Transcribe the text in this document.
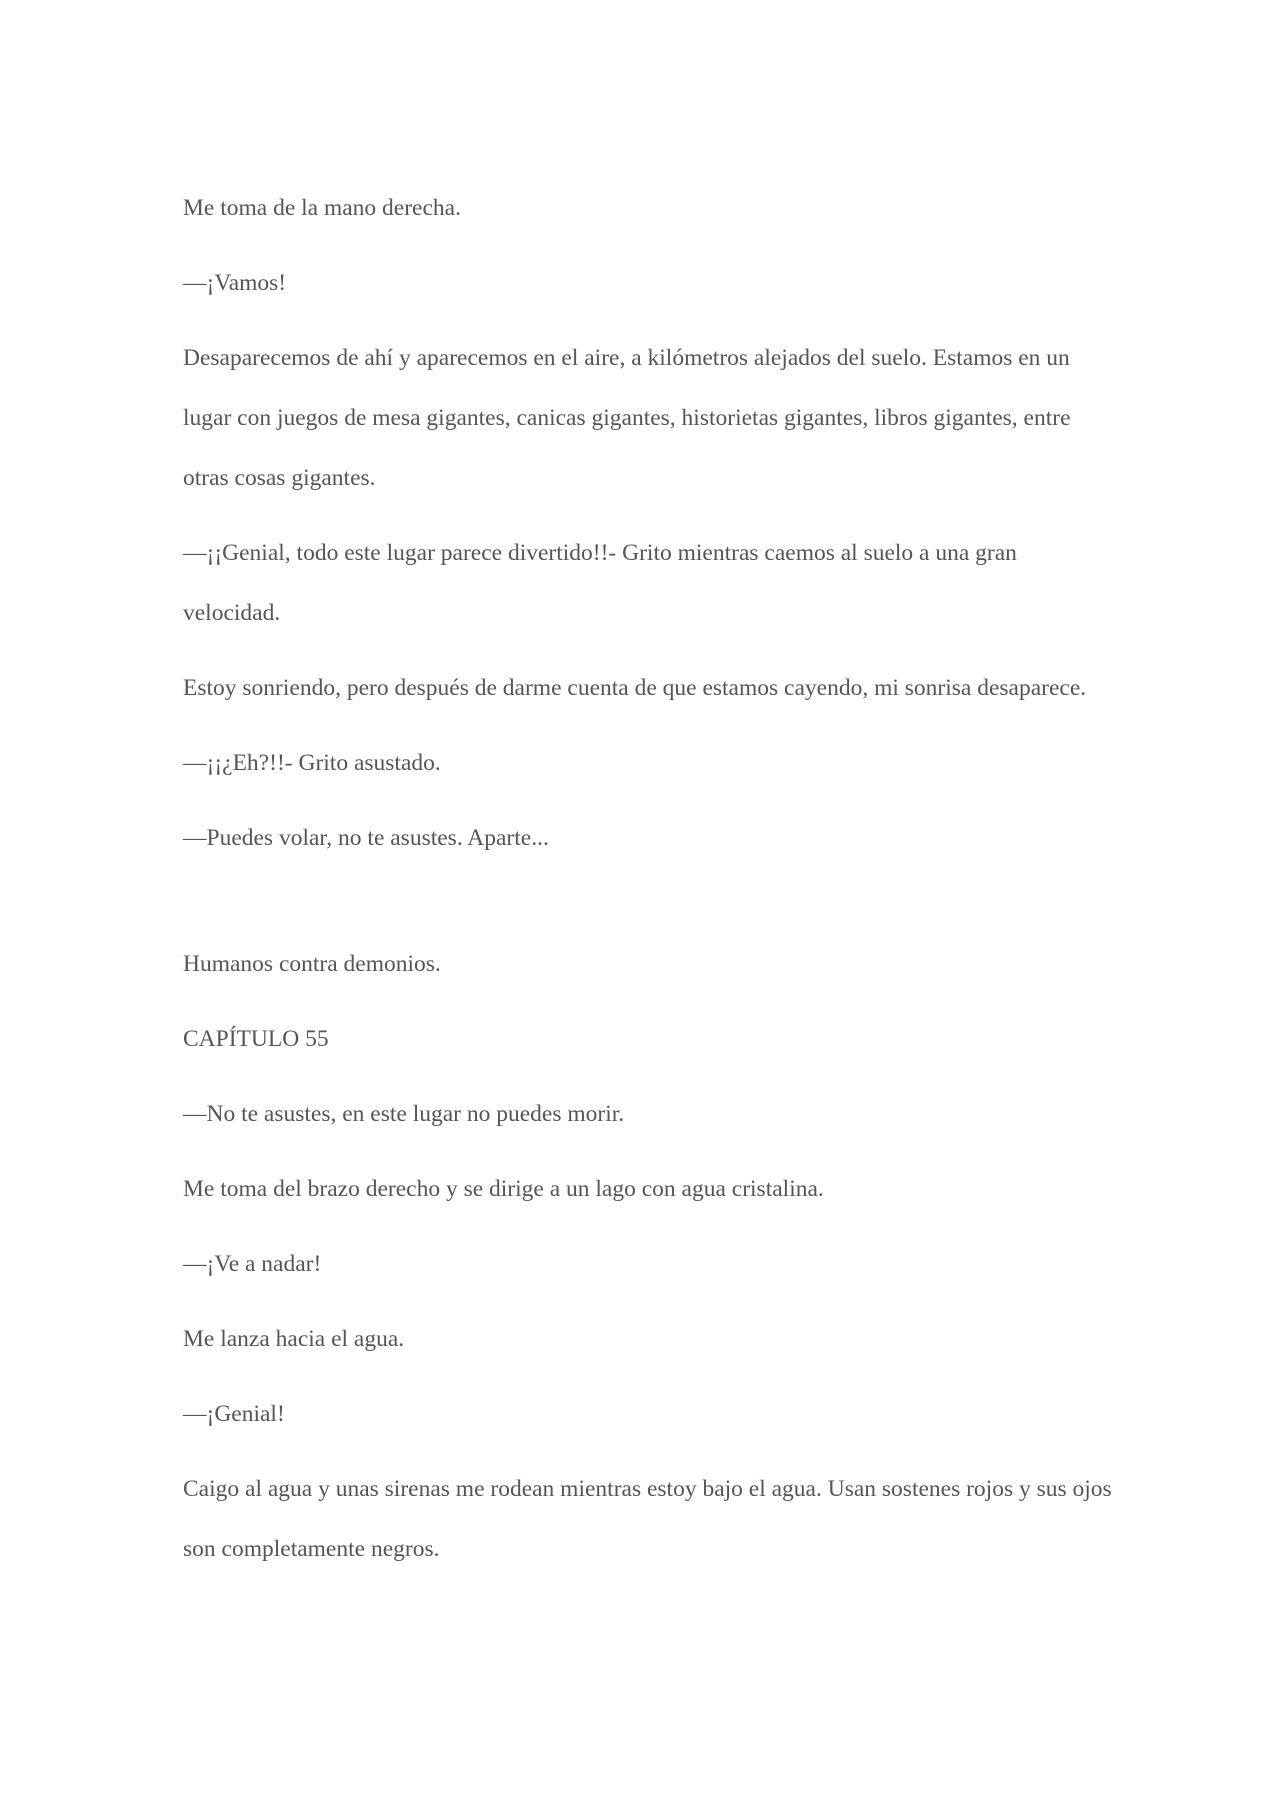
Me toma de la mano derecha.

—¡Vamos!

Desaparecemos de ahí y aparecemos en el aire, a kilómetros alejados del suelo. Estamos en un lugar con juegos de mesa gigantes, canicas gigantes, historietas gigantes, libros gigantes, entre otras cosas gigantes.

—¡¡Genial, todo este lugar parece divertido!!- Grito mientras caemos al suelo a una gran velocidad.

Estoy sonriendo, pero después de darme cuenta de que estamos cayendo, mi sonrisa desaparece.

—¡¡¿Eh?!!- Grito asustado.

—Puedes volar, no te asustes. Aparte...

Humanos contra demonios.

CAPÍTULO 55

—No te asustes, en este lugar no puedes morir.

Me toma del brazo derecho y se dirige a un lago con agua cristalina.

—¡Ve a nadar!

Me lanza hacia el agua.

—¡Genial!

Caigo al agua y unas sirenas me rodean mientras estoy bajo el agua. Usan sostenes rojos y sus ojos son completamente negros.
